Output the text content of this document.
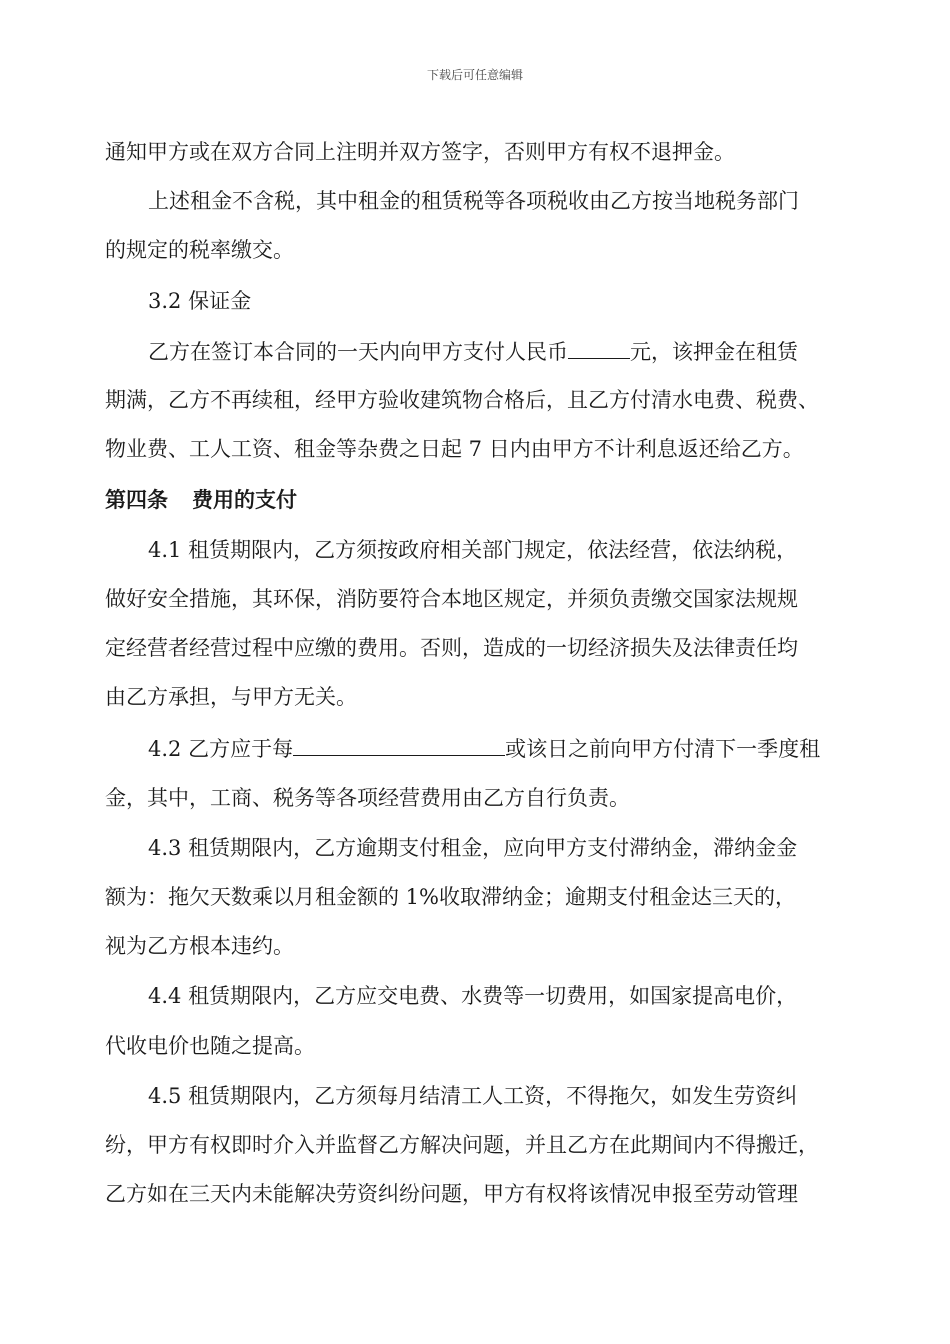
下载后可任意编辑
通知甲方或在双方合同上注明并双方签字，否则甲方有权不退押金。
上述租金不含税，其中租金的租赁税等各项税收由乙方按当地税务部门
的规定的税率缴交。
3.2 保证金
乙方在签订本合同的一天内向甲方支付人民币	元，该押金在租赁
期满，乙方不再续租，经甲方验收建筑物合格后，且乙方付清水电费、税费、
物业费、工人工资、租金等杂费之日起 7 日内由甲方不计利息返还给乙方。
第四条 费用的支付
4.1 租赁期限内，乙方须按政府相关部门规定，依法经营，依法纳税，
做好安全措施，其环保，消防要符合本地区规定，并须负责缴交国家法规规
定经营者经营过程中应缴的费用。否则，造成的一切经济损失及法律责任均
由乙方承担，与甲方无关。
4.2 乙方应于每	或该日之前向甲方付清下一季度租
金，其中，工商、税务等各项经营费用由乙方自行负责。
4.3 租赁期限内，乙方逾期支付租金，应向甲方支付滞纳金，滞纳金金
额为：拖欠天数乘以月租金额的 1%收取滞纳金；逾期支付租金达三天的，
视为乙方根本违约。
4.4 租赁期限内，乙方应交电费、水费等一切费用，如国家提高电价，
代收电价也随之提高。
4.5 租赁期限内，乙方须每月结清工人工资，不得拖欠，如发生劳资纠
纷，甲方有权即时介入并监督乙方解决问题，并且乙方在此期间内不得搬迁，
乙方如在三天内未能解决劳资纠纷问题，甲方有权将该情况申报至劳动管理
